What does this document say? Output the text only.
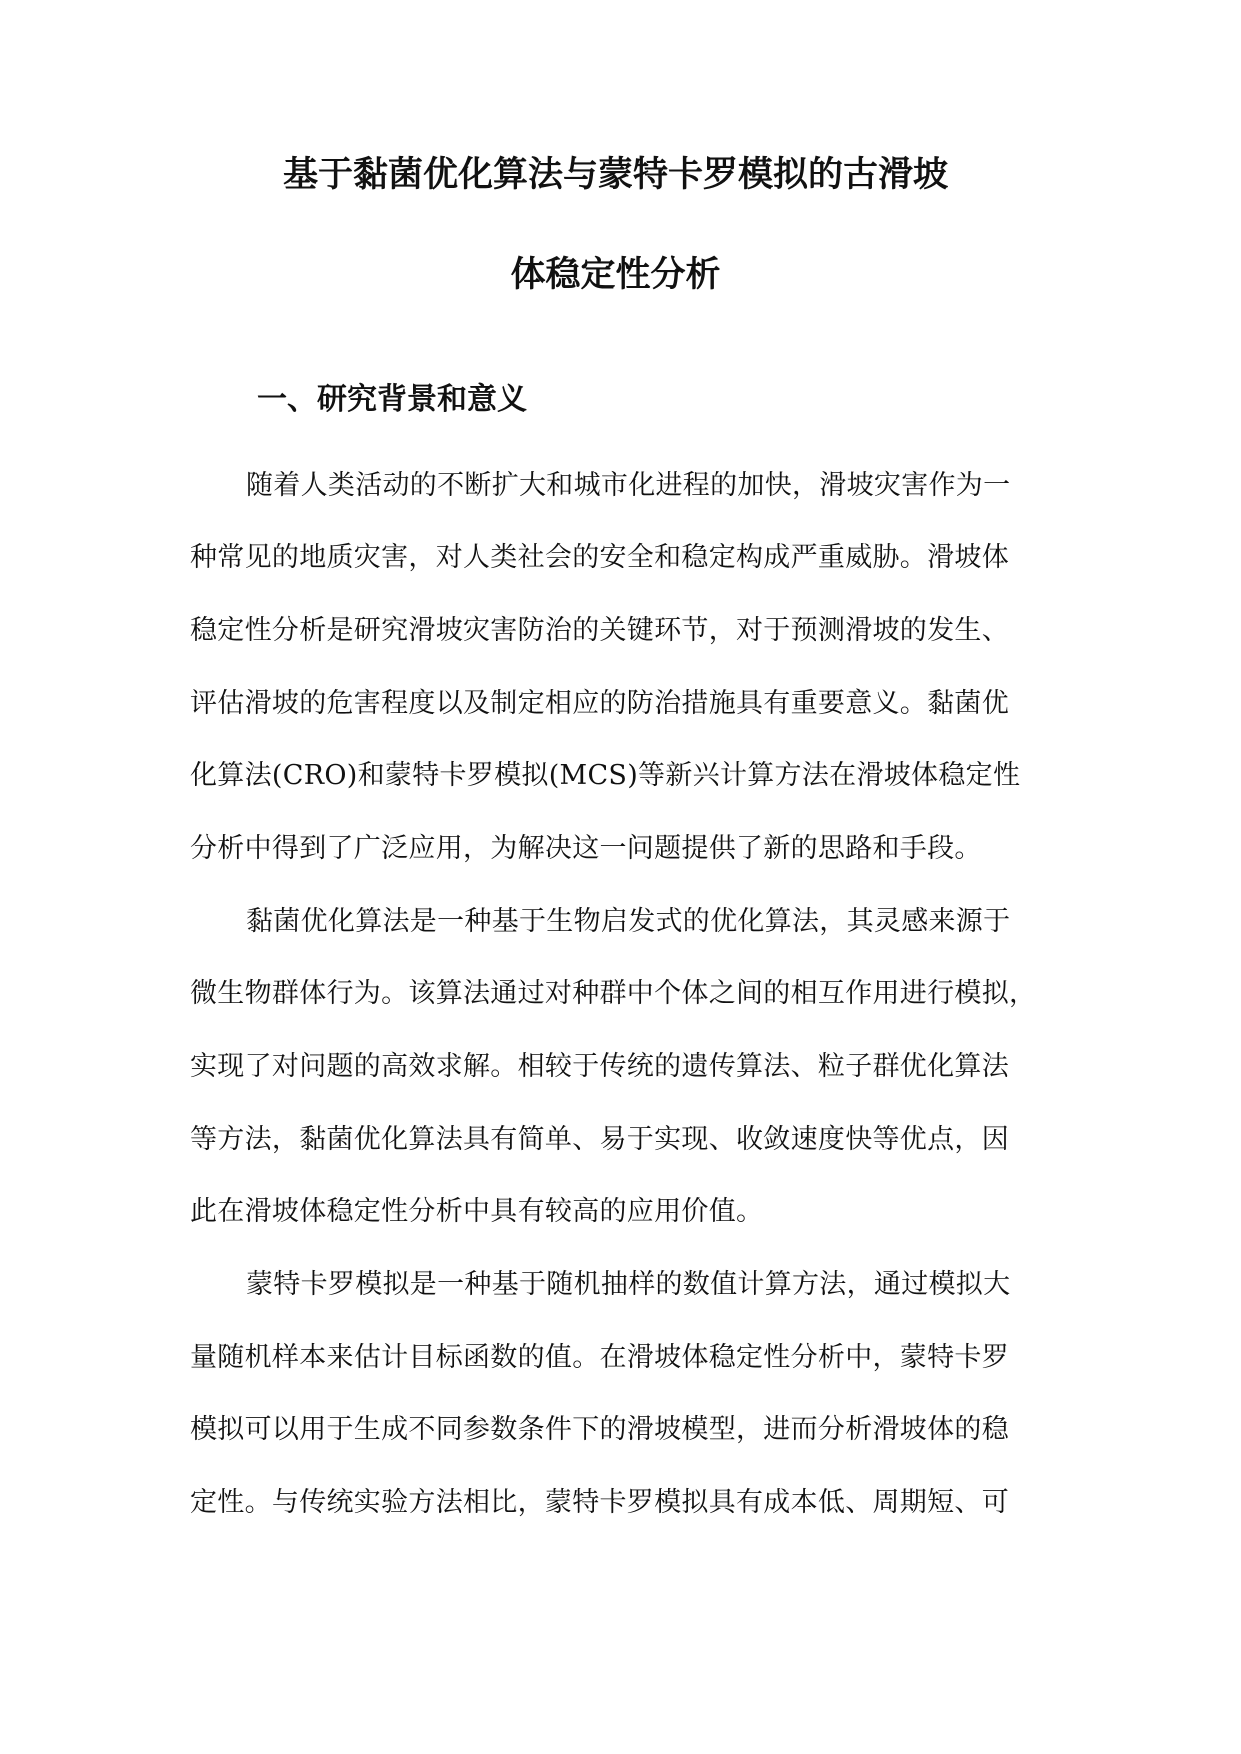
基于黏菌优化算法与蒙特卡罗模拟的古滑坡
体稳定性分析
一、研究背景和意义
随着人类活动的不断扩大和城市化进程的加快，滑坡灾害作为一
种常见的地质灾害，对人类社会的安全和稳定构成严重威胁。滑坡体
稳定性分析是研究滑坡灾害防治的关键环节，对于预测滑坡的发生、
评估滑坡的危害程度以及制定相应的防治措施具有重要意义。黏菌优
化算法(CRO)和蒙特卡罗模拟(MCS)等新兴计算方法在滑坡体稳定性
分析中得到了广泛应用，为解决这一问题提供了新的思路和手段。
黏菌优化算法是一种基于生物启发式的优化算法，其灵感来源于
微生物群体行为。该算法通过对种群中个体之间的相互作用进行模拟，
实现了对问题的高效求解。相较于传统的遗传算法、粒子群优化算法
等方法，黏菌优化算法具有简单、易于实现、收敛速度快等优点，因
此在滑坡体稳定性分析中具有较高的应用价值。
蒙特卡罗模拟是一种基于随机抽样的数值计算方法，通过模拟大
量随机样本来估计目标函数的值。在滑坡体稳定性分析中，蒙特卡罗
模拟可以用于生成不同参数条件下的滑坡模型，进而分析滑坡体的稳
定性。与传统实验方法相比，蒙特卡罗模拟具有成本低、周期短、可
